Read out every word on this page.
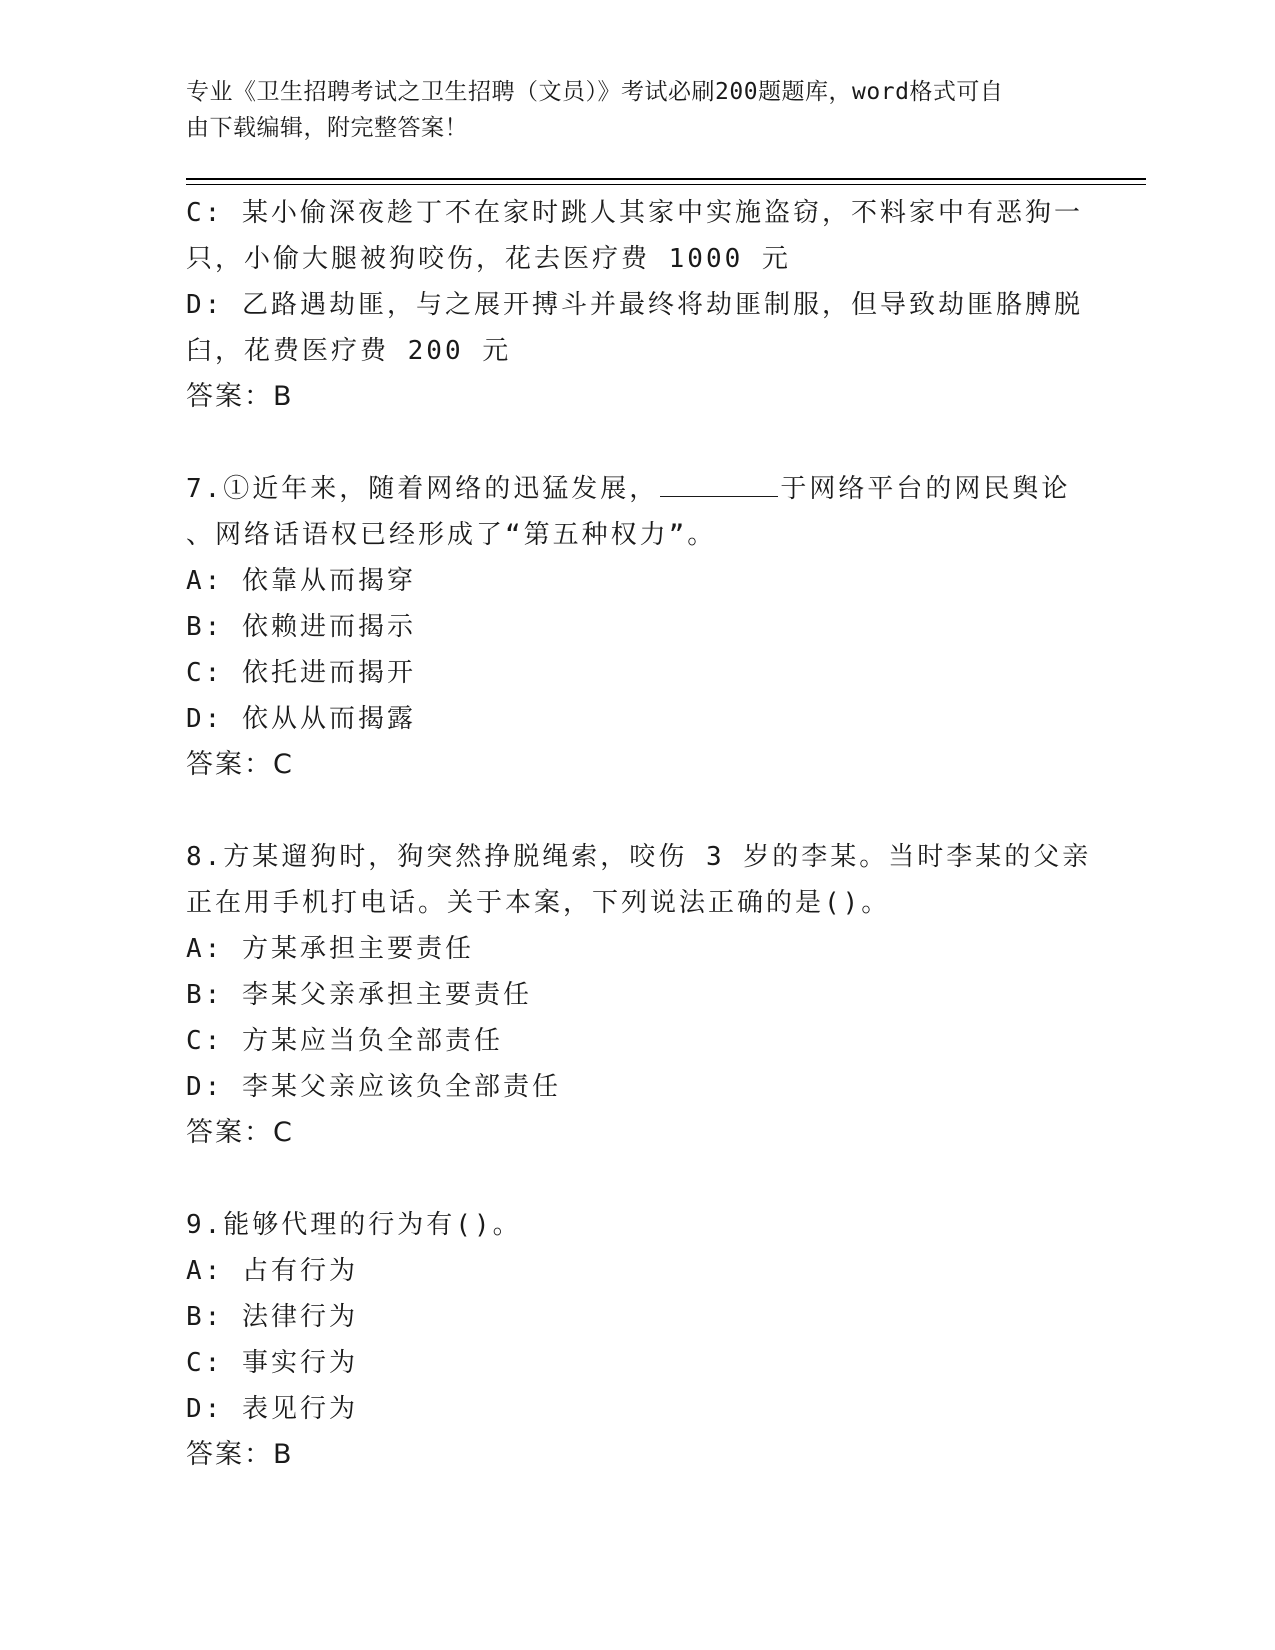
专业《卫生招聘考试之卫生招聘（文员）》考试必刷200题题库，word格式可自
由下载编辑，附完整答案！
C: 某小偷深夜趁丁不在家时跳人其家中实施盗窃，不料家中有恶狗一
只，小偷大腿被狗咬伤，花去医疗费 1000 元
D: 乙路遇劫匪，与之展开搏斗并最终将劫匪制服，但导致劫匪胳膊脱
臼，花费医疗费 200 元
答案：B
7.①近年来，随着网络的迅猛发展，	于网络平台的网民舆论
、网络话语权已经形成了“第五种权力”。
A: 依靠从而揭穿
B: 依赖进而揭示
C: 依托进而揭开
D: 依从从而揭露
答案：C
8.方某遛狗时，狗突然挣脱绳索，咬伤 3 岁的李某。当时李某的父亲
正在用手机打电话。关于本案，下列说法正确的是()。
A: 方某承担主要责任
B: 李某父亲承担主要责任
C: 方某应当负全部责任
D: 李某父亲应该负全部责任
答案：C
9.能够代理的行为有()。
A: 占有行为
B: 法律行为
C: 事实行为
D: 表见行为
答案：B
